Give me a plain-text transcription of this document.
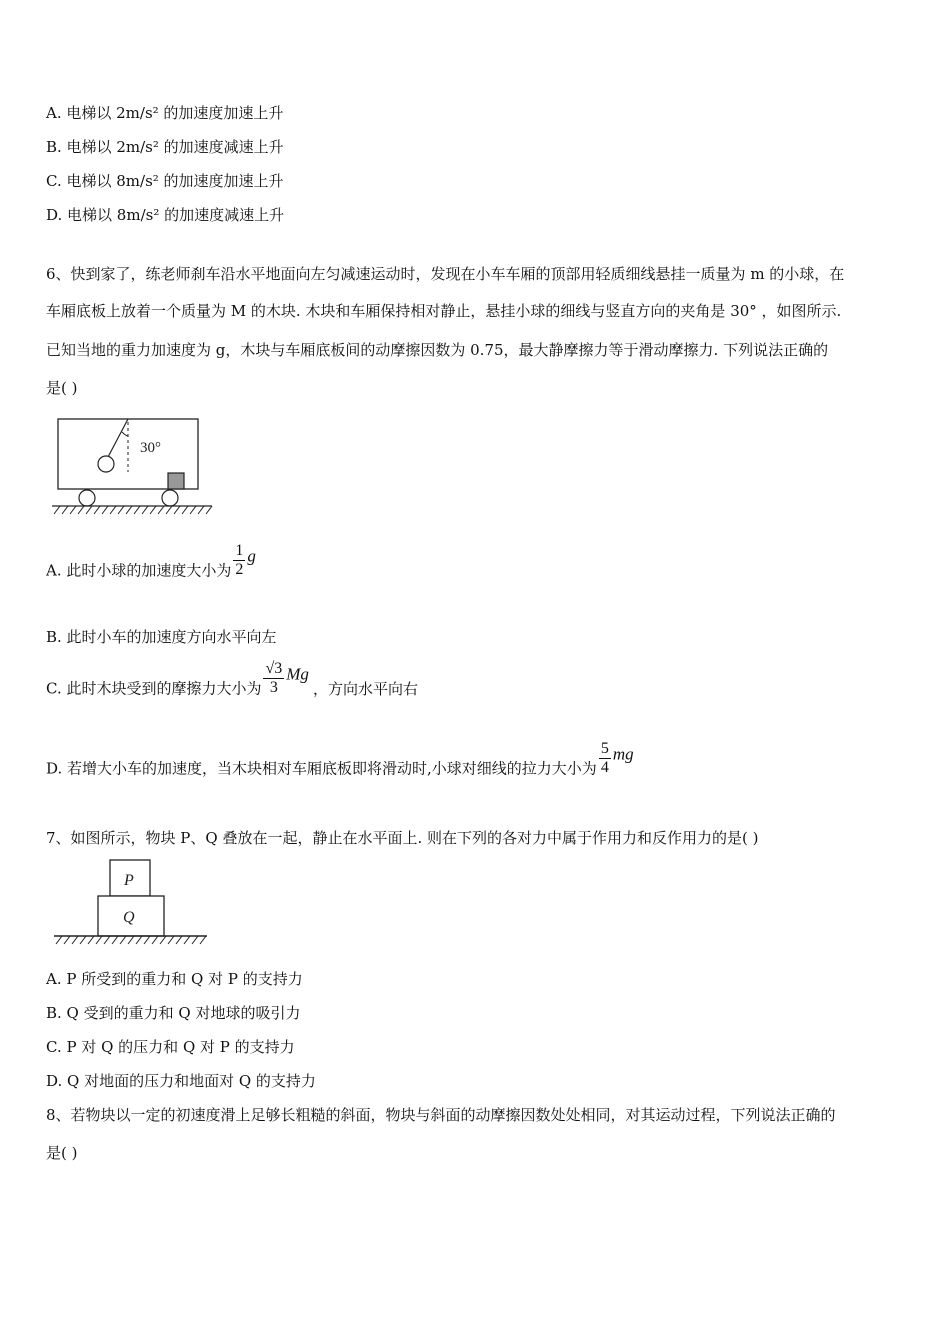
A. 电梯以 2m/s² 的加速度加速上升
B. 电梯以 2m/s² 的加速度减速上升
C. 电梯以 8m/s² 的加速度加速上升
D. 电梯以 8m/s² 的加速度减速上升
6、快到家了，练老师刹车沿水平地面向左匀减速运动时，发现在小车车厢的顶部用轻质细线悬挂一质量为 m 的小球，在
车厢底板上放着一个质量为 M 的木块. 木块和车厢保持相对静止，悬挂小球的细线与竖直方向的夹角是 30° ，如图所示.
已知当地的重力加速度为 g，木块与车厢底板间的动摩擦因数为 0.75，最大静摩擦力等于滑动摩擦力. 下列说法正确的
是( )
30°
A. 此时小球的加速度大小为 $\frac{1}{2}$ g
B. 此时小车的加速度方向水平向左
C. 此时木块受到的摩擦力大小为 $\frac{√3}{3}$ Mg，方向水平向右
D. 若增大小车的加速度，当木块相对车厢底板即将滑动时,小球对细线的拉力大小为 $\frac{5}{4}$ mg
7、如图所示，物块 P、Q 叠放在一起，静止在水平面上. 则在下列的各对力中属于作用力和反作用力的是( )
P
Q
A. P 所受到的重力和 Q 对 P 的支持力
B. Q 受到的重力和 Q 对地球的吸引力
C. P 对 Q 的压力和 Q 对 P 的支持力
D. Q 对地面的压力和地面对 Q 的支持力
8、若物块以一定的初速度滑上足够长粗糙的斜面，物块与斜面的动摩擦因数处处相同，对其运动过程，下列说法正确的
是( )
